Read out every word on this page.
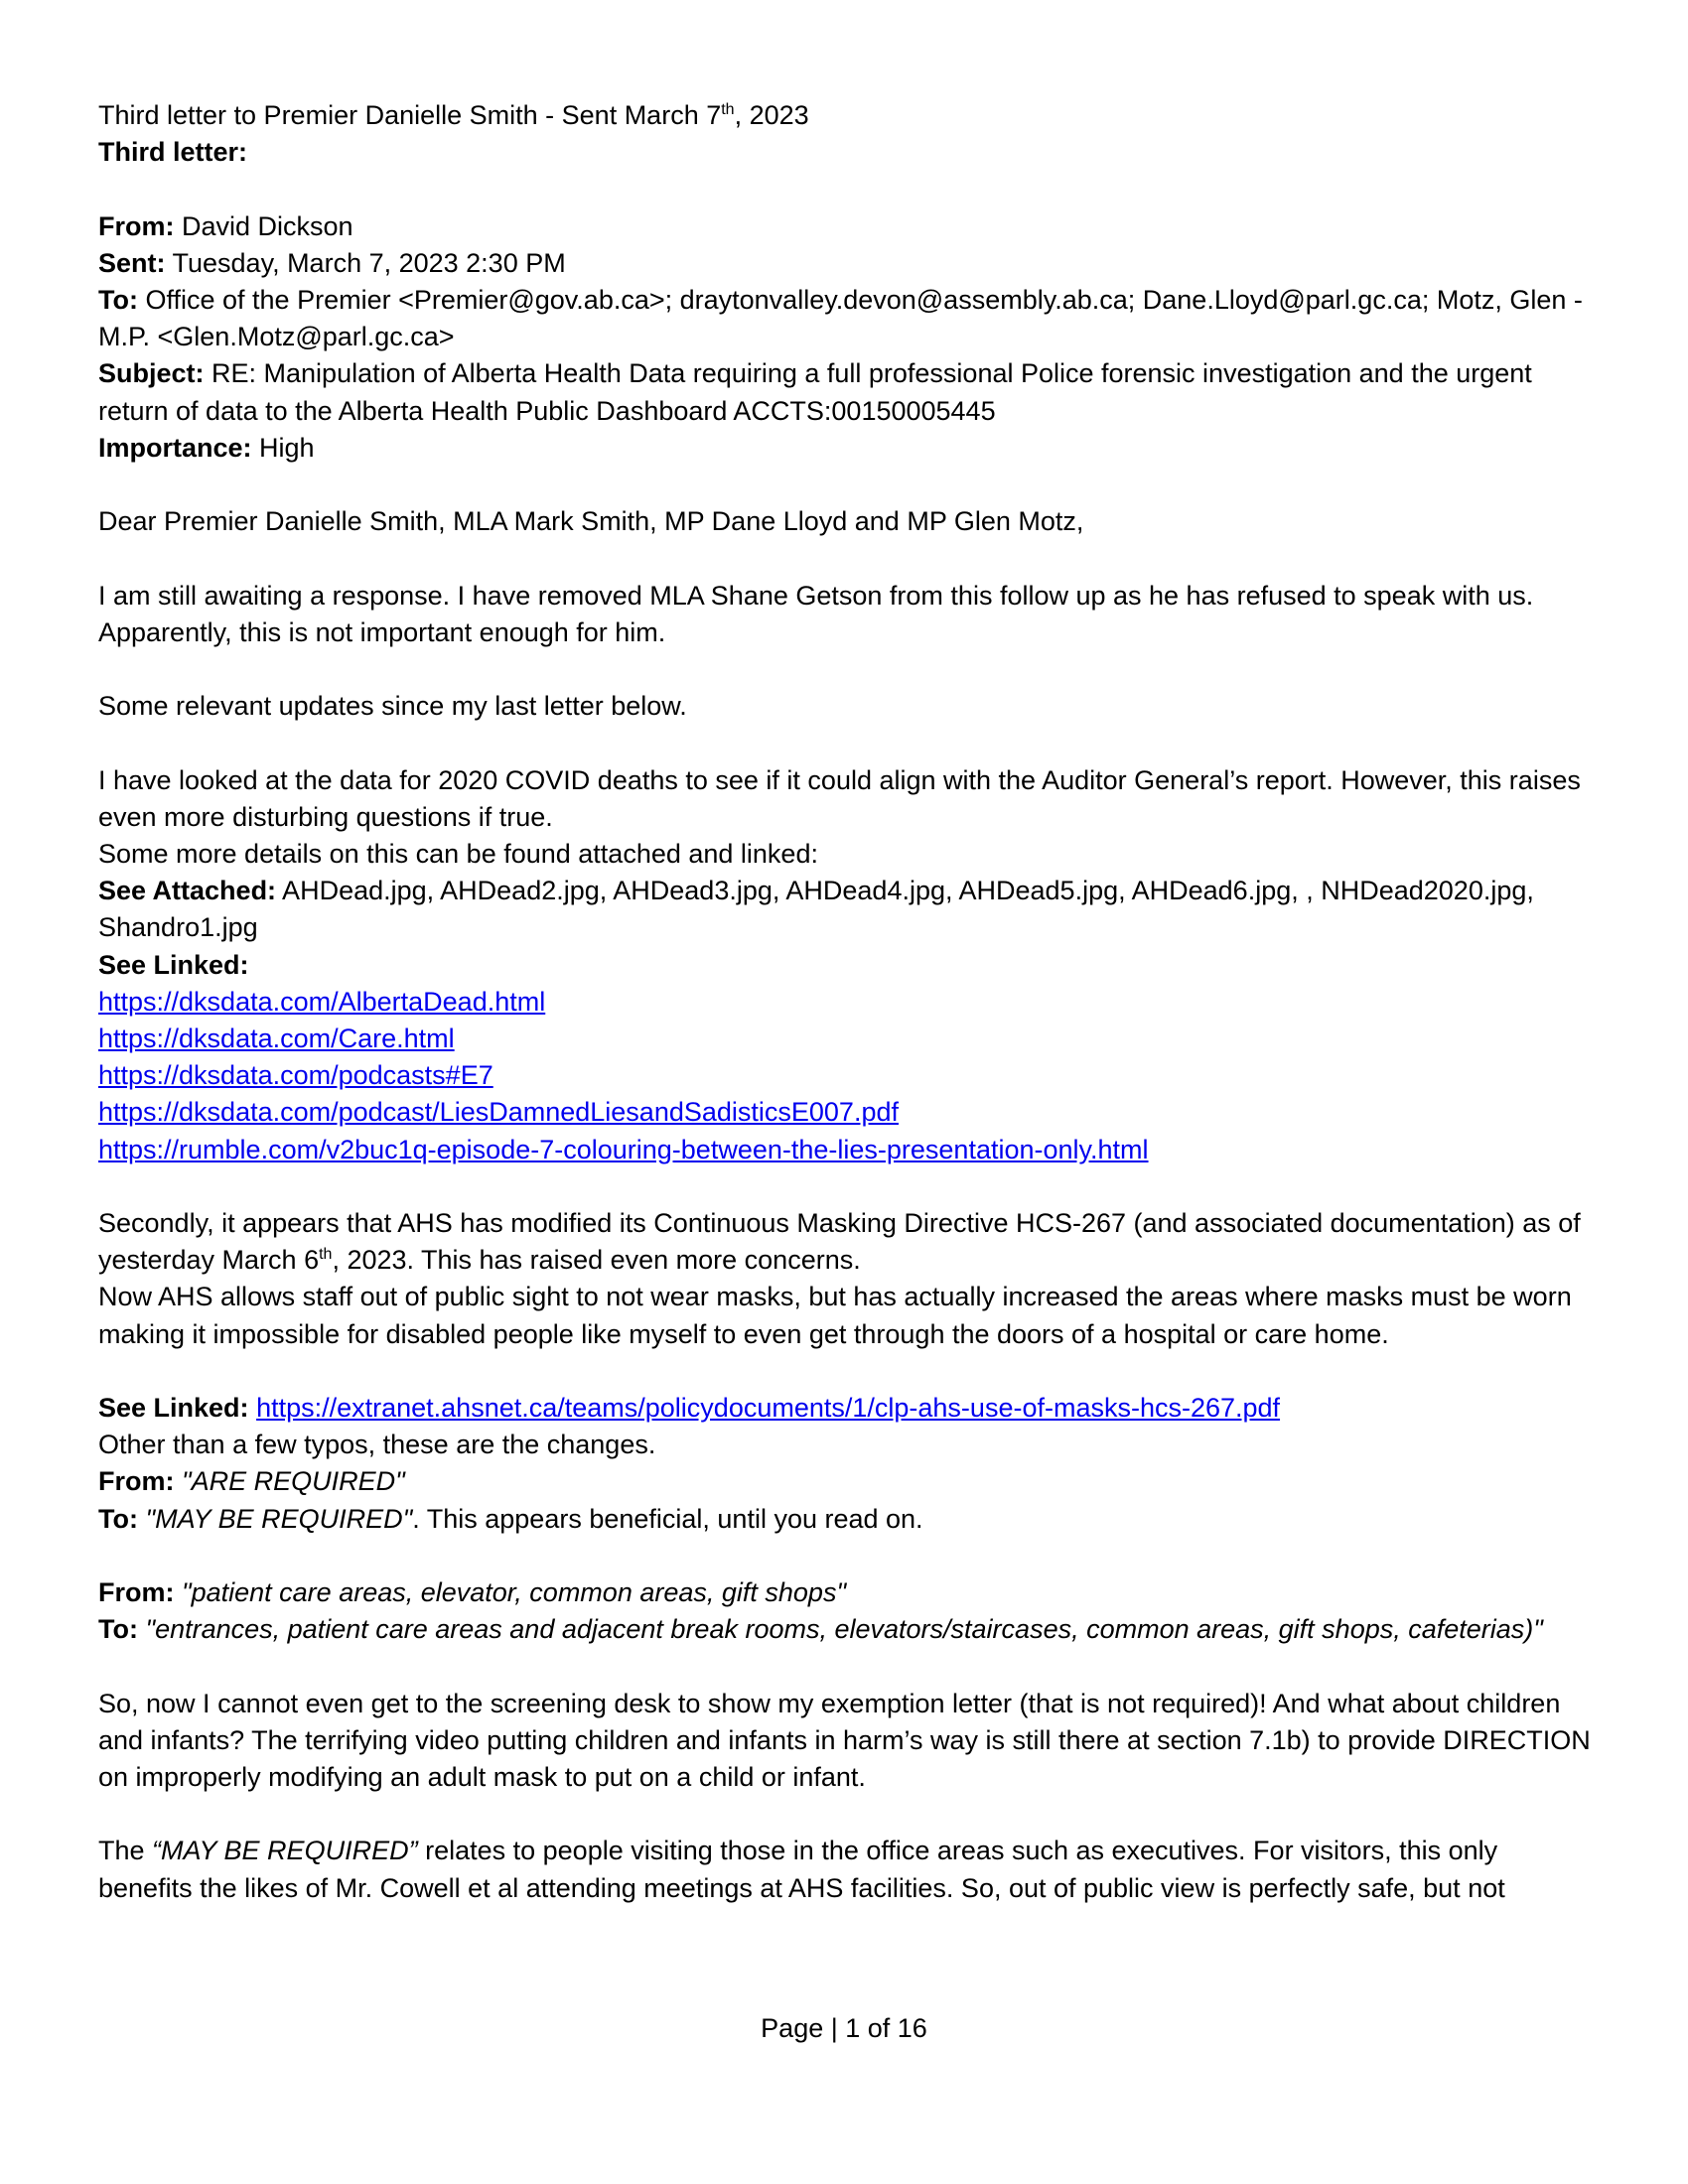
Third letter to Premier Danielle Smith - Sent March 7th, 2023

Third letter:

From: David Dickson

Sent: Tuesday, March 7, 2023 2:30 PM

To: Office of the Premier <Premier@gov.ab.ca>; draytonvalley.devon@assembly.ab.ca; Dane.Lloyd@parl.gc.ca; Motz, Glen - M.P. <Glen.Motz@parl.gc.ca>

Subject: RE: Manipulation of Alberta Health Data requiring a full professional Police forensic investigation and the urgent return of data to the Alberta Health Public Dashboard ACCTS:00150005445

Importance: High

Dear Premier Danielle Smith, MLA Mark Smith, MP Dane Lloyd and MP Glen Motz,

I am still awaiting a response. I have removed MLA Shane Getson from this follow up as he has refused to speak with us. Apparently, this is not important enough for him.

Some relevant updates since my last letter below.

I have looked at the data for 2020 COVID deaths to see if it could align with the Auditor General’s report. However, this raises even more disturbing questions if true.

Some more details on this can be found attached and linked:

See Attached: AHDead.jpg, AHDead2.jpg, AHDead3.jpg, AHDead4.jpg, AHDead5.jpg, AHDead6.jpg, , NHDead2020.jpg, Shandro1.jpg

See Linked:

https://dksdata.com/AlbertaDead.html

https://dksdata.com/Care.html

https://dksdata.com/podcasts#E7

https://dksdata.com/podcast/LiesDamnedLiesandSadisticsE007.pdf

https://rumble.com/v2buc1q-episode-7-colouring-between-the-lies-presentation-only.html

Secondly, it appears that AHS has modified its Continuous Masking Directive HCS-267 (and associated documentation) as of yesterday March 6th, 2023. This has raised even more concerns.

Now AHS allows staff out of public sight to not wear masks, but has actually increased the areas where masks must be worn making it impossible for disabled people like myself to even get through the doors of a hospital or care home.

See Linked: https://extranet.ahsnet.ca/teams/policydocuments/1/clp-ahs-use-of-masks-hcs-267.pdf

Other than a few typos, these are the changes.

From: "ARE REQUIRED"

To: "MAY BE REQUIRED". This appears beneficial, until you read on.

From: "patient care areas, elevator, common areas, gift shops"

To: "entrances, patient care areas and adjacent break rooms, elevators/staircases, common areas, gift shops, cafeterias)"

So, now I cannot even get to the screening desk to show my exemption letter (that is not required)! And what about children and infants? The terrifying video putting children and infants in harm’s way is still there at section 7.1b) to provide DIRECTION on improperly modifying an adult mask to put on a child or infant.

The “MAY BE REQUIRED” relates to people visiting those in the office areas such as executives. For visitors, this only benefits the likes of Mr. Cowell et al attending meetings at AHS facilities. So, out of public view is perfectly safe, but not

Page | 1 of 16
